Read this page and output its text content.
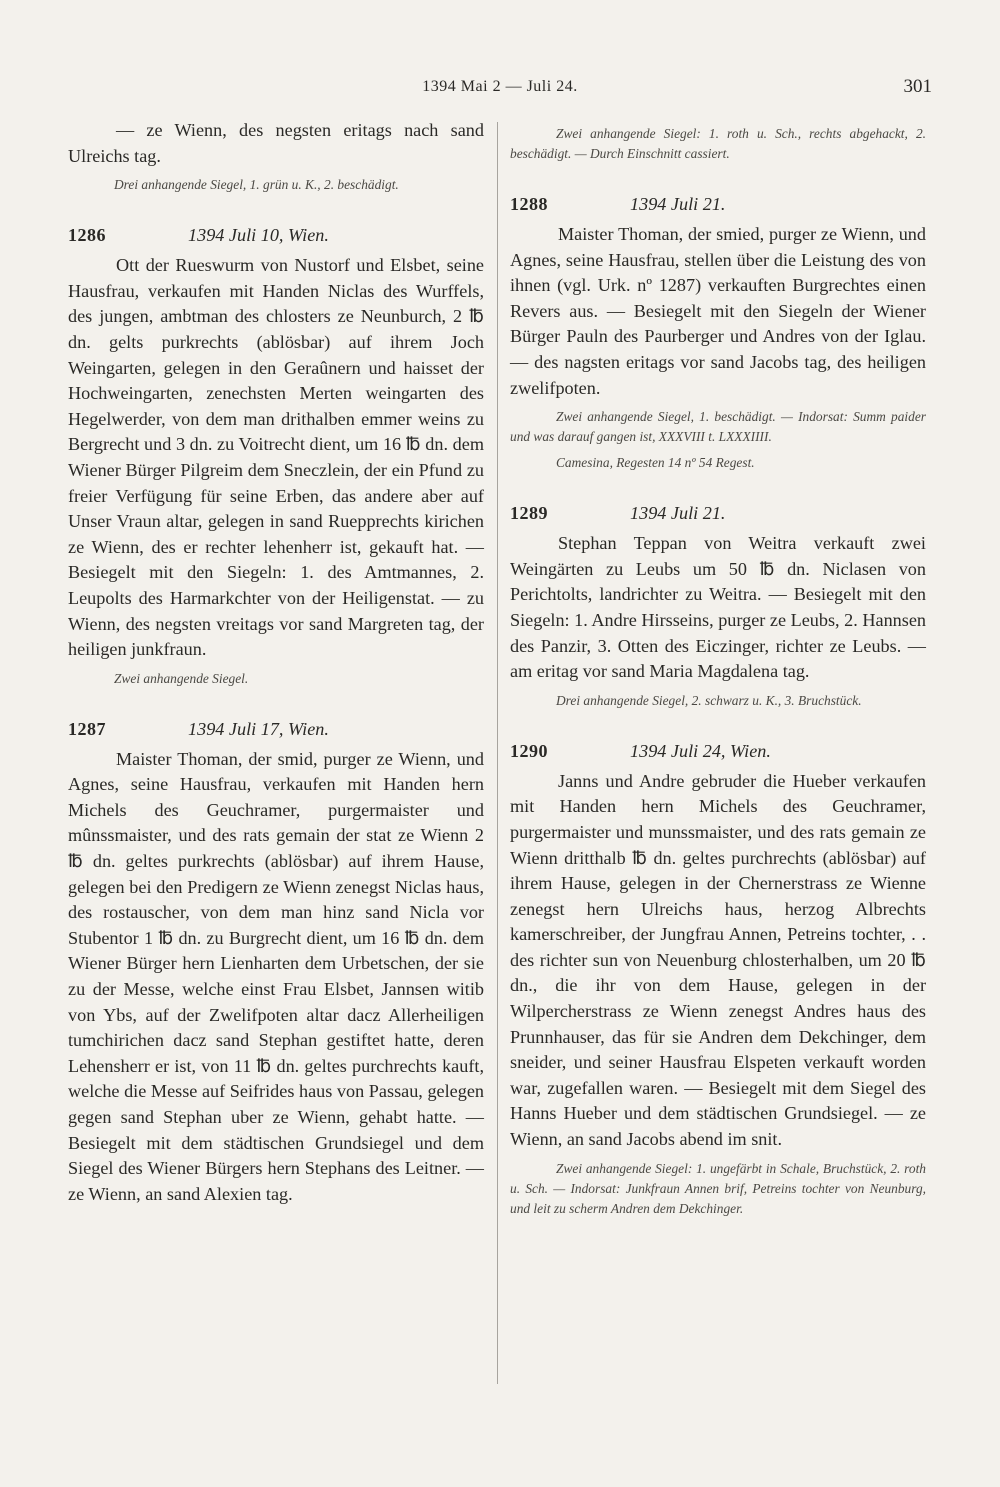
1394 Mai 2 — Juli 24.	301

— ze Wienn, des negsten eritags nach sand Ulreichs tag.

Drei anhangende Siegel, 1. grün u. K., 2. beschädigt.

1286	1394 Juli 10, Wien.

Ott der Rueswurm von Nustorf und Elsbet, seine Hausfrau, verkaufen mit Handen Niclas des Wurffels, des jungen, ambtman des chlosters ze Neunburch, 2 ℔ dn. gelts purkrechts (ablösbar) auf ihrem Joch Weingarten, gelegen in den Geraûnern und haisset der Hochweingarten, zenechsten Merten weingarten des Hegelwerder, von dem man drithalben emmer weins zu Bergrecht und 3 dn. zu Voitrecht dient, um 16 ℔ dn. dem Wiener Bürger Pilgreim dem Sneczlein, der ein Pfund zu freier Verfügung für seine Erben, das andere aber auf Unser Vraun altar, gelegen in sand Ruepprechts kirichen ze Wienn, des er rechter lehenherr ist, gekauft hat. — Besiegelt mit den Siegeln: 1. des Amtmannes, 2. Leupolts des Harmarkchter von der Heiligenstat. — zu Wienn, des negsten vreitags vor sand Margreten tag, der heiligen junkfraun.

Zwei anhangende Siegel.

1287	1394 Juli 17, Wien.

Maister Thoman, der smid, purger ze Wienn, und Agnes, seine Hausfrau, verkaufen mit Handen hern Michels des Geuchramer, purgermaister und mûnssmaister, und des rats gemain der stat ze Wienn 2 ℔ dn. geltes purkrechts (ablösbar) auf ihrem Hause, gelegen bei den Predigern ze Wienn zenegst Niclas haus, des rostauscher, von dem man hinz sand Nicla vor Stubentor 1 ℔ dn. zu Burgrecht dient, um 16 ℔ dn. dem Wiener Bürger hern Lienharten dem Urbetschen, der sie zu der Messe, welche einst Frau Elsbet, Jannsen witib von Ybs, auf der Zwelifpoten altar dacz Allerheiligen tumchirichen dacz sand Stephan gestiftet hatte, deren Lehensherr er ist, von 11 ℔ dn. geltes purchrechts kauft, welche die Messe auf Seifrides haus von Passau, gelegen gegen sand Stephan uber ze Wienn, gehabt hatte. — Besiegelt mit dem städtischen Grundsiegel und dem Siegel des Wiener Bürgers hern Stephans des Leitner. — ze Wienn, an sand Alexien tag.

Zwei anhangende Siegel: 1. roth u. Sch., rechts abgehackt, 2. beschädigt. — Durch Einschnitt cassiert.

1288	1394 Juli 21.

Maister Thoman, der smied, purger ze Wienn, und Agnes, seine Hausfrau, stellen über die Leistung des von ihnen (vgl. Urk. nº 1287) verkauften Burgrechtes einen Revers aus. — Besiegelt mit den Siegeln der Wiener Bürger Pauln des Paurberger und Andres von der Iglau. — des nagsten eritags vor sand Jacobs tag, des heiligen zwelifpoten.

Zwei anhangende Siegel, 1. beschädigt. — Indorsat: Summ paider und was darauf gangen ist, XXXVIII t. LXXXIIII.

Camesina, Regesten 14 nº 54 Regest.

1289	1394 Juli 21.

Stephan Teppan von Weitra verkauft zwei Weingärten zu Leubs um 50 ℔ dn. Niclasen von Perichtolts, landrichter zu Weitra. — Besiegelt mit den Siegeln: 1. Andre Hirsseins, purger ze Leubs, 2. Hannsen des Panzir, 3. Otten des Eiczinger, richter ze Leubs. — am eritag vor sand Maria Magdalena tag.

Drei anhangende Siegel, 2. schwarz u. K., 3. Bruchstück.

1290	1394 Juli 24, Wien.

Janns und Andre gebruder die Hueber verkaufen mit Handen hern Michels des Geuchramer, purgermaister und munssmaister, und des rats gemain ze Wienn dritthalb ℔ dn. geltes purchrechts (ablösbar) auf ihrem Hause, gelegen in der Chernerstrass ze Wienne zenegst hern Ulreichs haus, herzog Albrechts kamerschreiber, der Jungfrau Annen, Petreins tochter, . . des richter sun von Neuenburg chlosterhalben, um 20 ℔ dn., die ihr von dem Hause, gelegen in der Wilpercherstrass ze Wienn zenegst Andres haus des Prunnhauser, das für sie Andren dem Dekchinger, dem sneider, und seiner Hausfrau Elspeten verkauft worden war, zugefallen waren. — Besiegelt mit dem Siegel des Hanns Hueber und dem städtischen Grundsiegel. — ze Wienn, an sand Jacobs abend im snit.

Zwei anhangende Siegel: 1. ungefärbt in Schale, Bruchstück, 2. roth u. Sch. — Indorsat: Junkfraun Annen brif, Petreins tochter von Neunburg, und leit zu scherm Andren dem Dekchinger.
